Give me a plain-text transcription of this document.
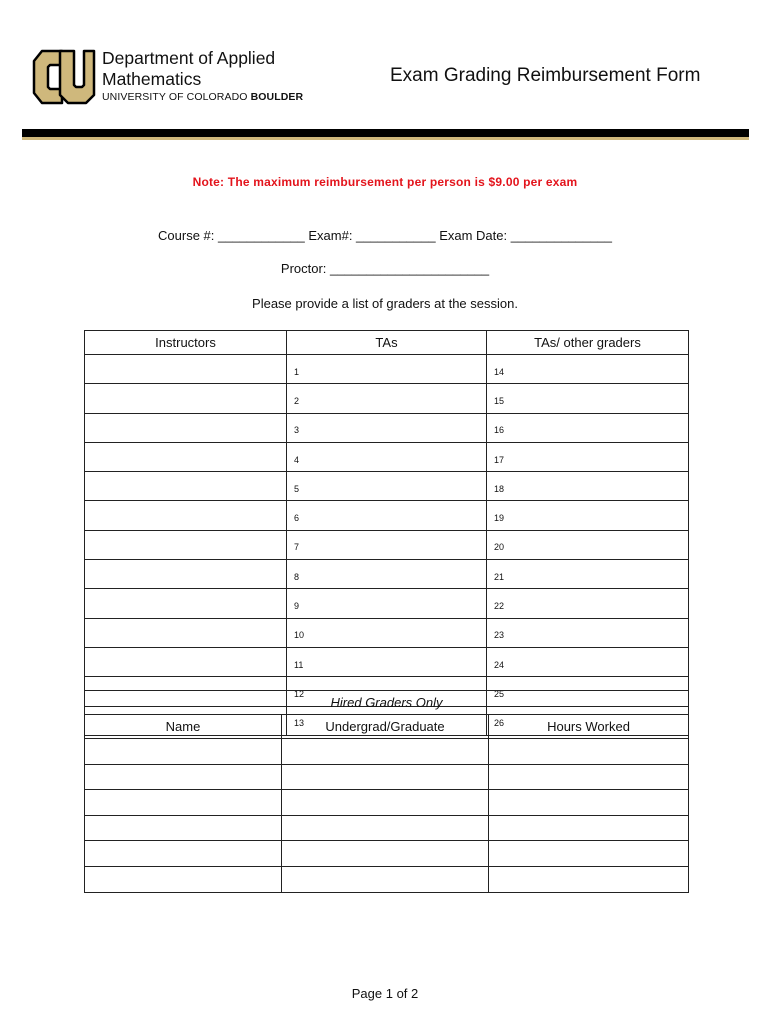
Department of Applied
Mathematics
UNIVERSITY OF COLORADO BOULDER
Exam Grading Reimbursement Form
Note: The maximum reimbursement per person is $9.00 per exam
Course #: ____________ Exam#: ___________ Exam Date: ______________
Proctor: ______________________
Please provide a list of graders at the session.
Instructors	TAs	TAs/ other graders
	1	14
	2	15
	3	16
	4	17
	5	18
	6	19
	7	20
	8	21
	9	22
	10	23
	11	24
	12	25
	13	26
Hired Graders Only		
Name	Undergrad/Graduate	Hours Worked

Page 1 of 2
